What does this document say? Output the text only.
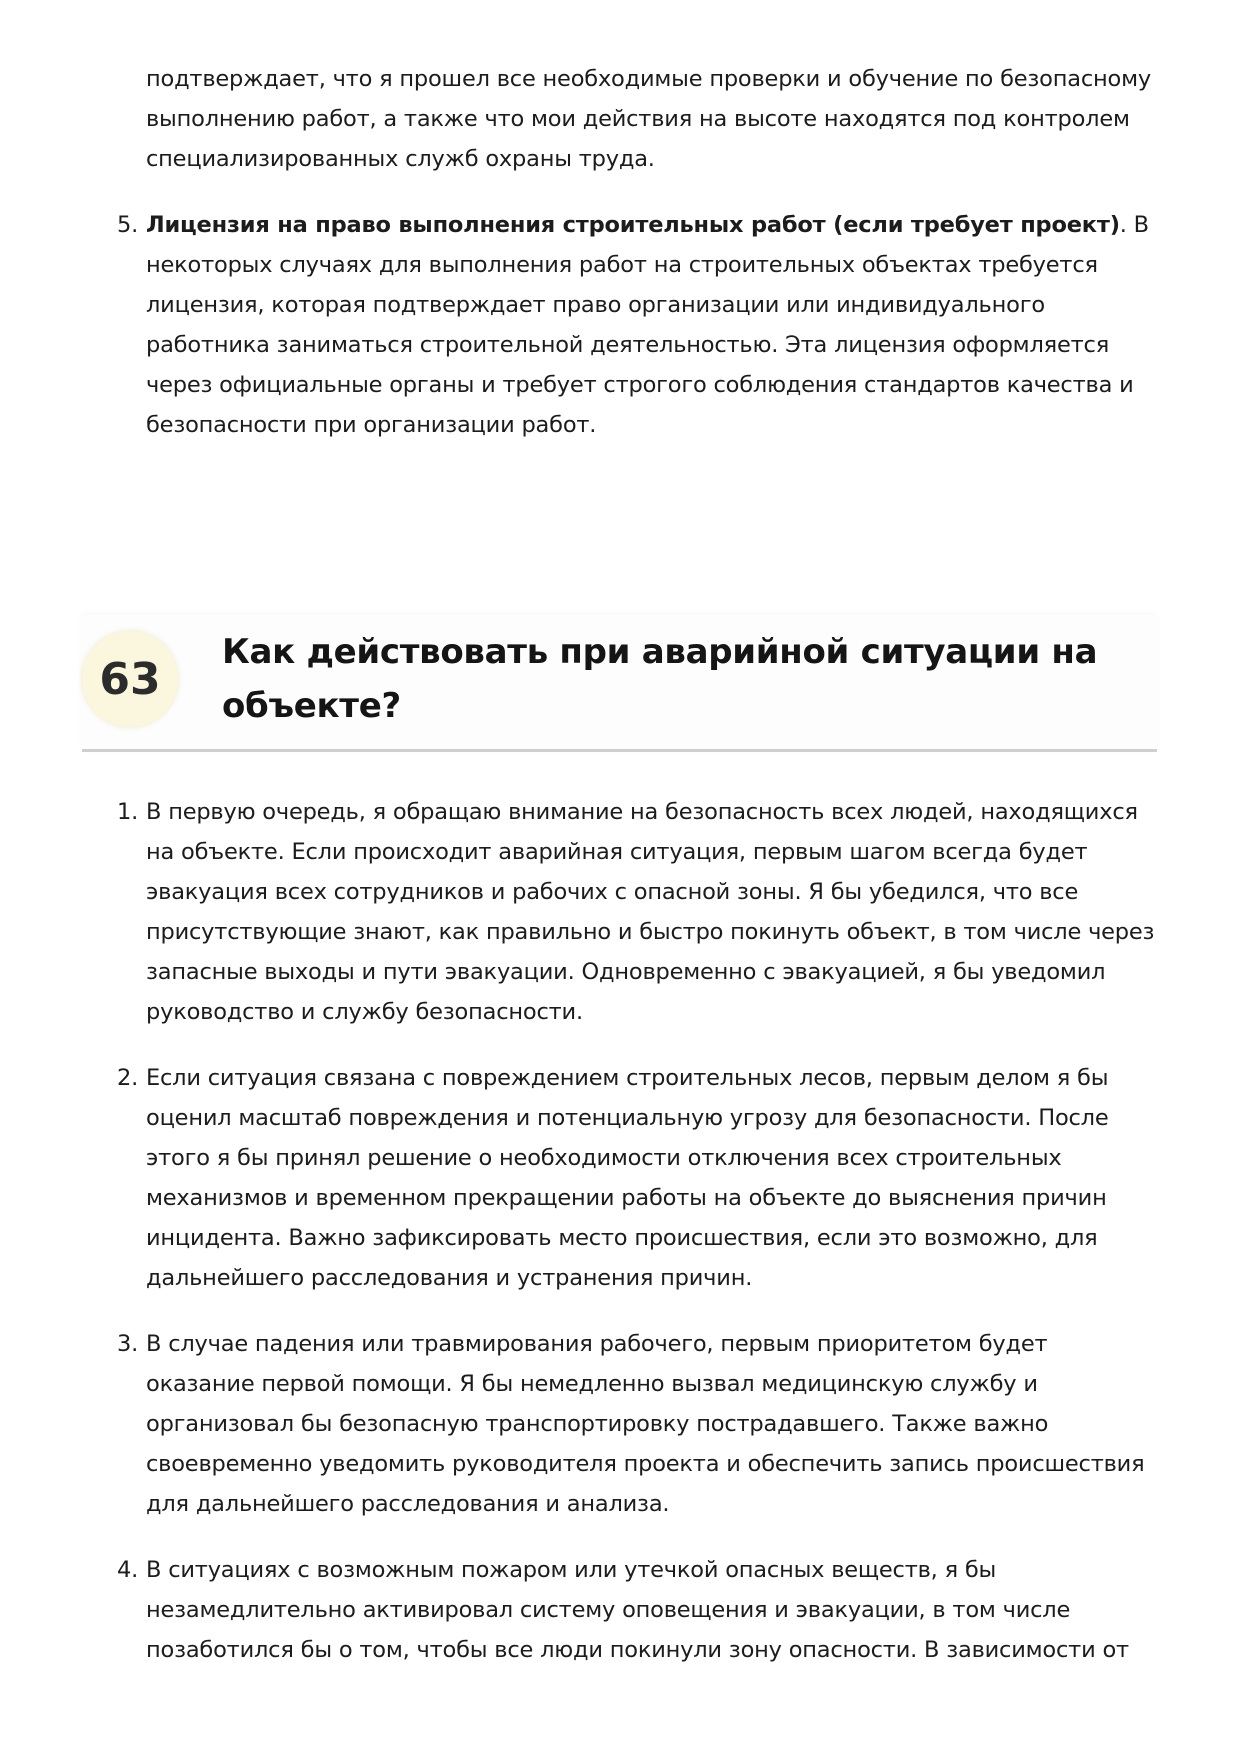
подтверждает, что я прошел все необходимые проверки и обучение по безопасному выполнению работ, а также что мои действия на высоте находятся под контролем специализированных служб охраны труда.
5. Лицензия на право выполнения строительных работ (если требует проект). В некоторых случаях для выполнения работ на строительных объектах требуется лицензия, которая подтверждает право организации или индивидуального работника заниматься строительной деятельностью. Эта лицензия оформляется через официальные органы и требует строгого соблюдения стандартов качества и безопасности при организации работ.
63
Как действовать при аварийной ситуации на объекте?
1. В первую очередь, я обращаю внимание на безопасность всех людей, находящихся на объекте. Если происходит аварийная ситуация, первым шагом всегда будет эвакуация всех сотрудников и рабочих с опасной зоны. Я бы убедился, что все присутствующие знают, как правильно и быстро покинуть объект, в том числе через запасные выходы и пути эвакуации. Одновременно с эвакуацией, я бы уведомил руководство и службу безопасности.
2. Если ситуация связана с повреждением строительных лесов, первым делом я бы оценил масштаб повреждения и потенциальную угрозу для безопасности. После этого я бы принял решение о необходимости отключения всех строительных механизмов и временном прекращении работы на объекте до выяснения причин инцидента. Важно зафиксировать место происшествия, если это возможно, для дальнейшего расследования и устранения причин.
3. В случае падения или травмирования рабочего, первым приоритетом будет оказание первой помощи. Я бы немедленно вызвал медицинскую службу и организовал бы безопасную транспортировку пострадавшего. Также важно своевременно уведомить руководителя проекта и обеспечить запись происшествия для дальнейшего расследования и анализа.
4. В ситуациях с возможным пожаром или утечкой опасных веществ, я бы незамедлительно активировал систему оповещения и эвакуации, в том числе позаботился бы о том, чтобы все люди покинули зону опасности. В зависимости от
